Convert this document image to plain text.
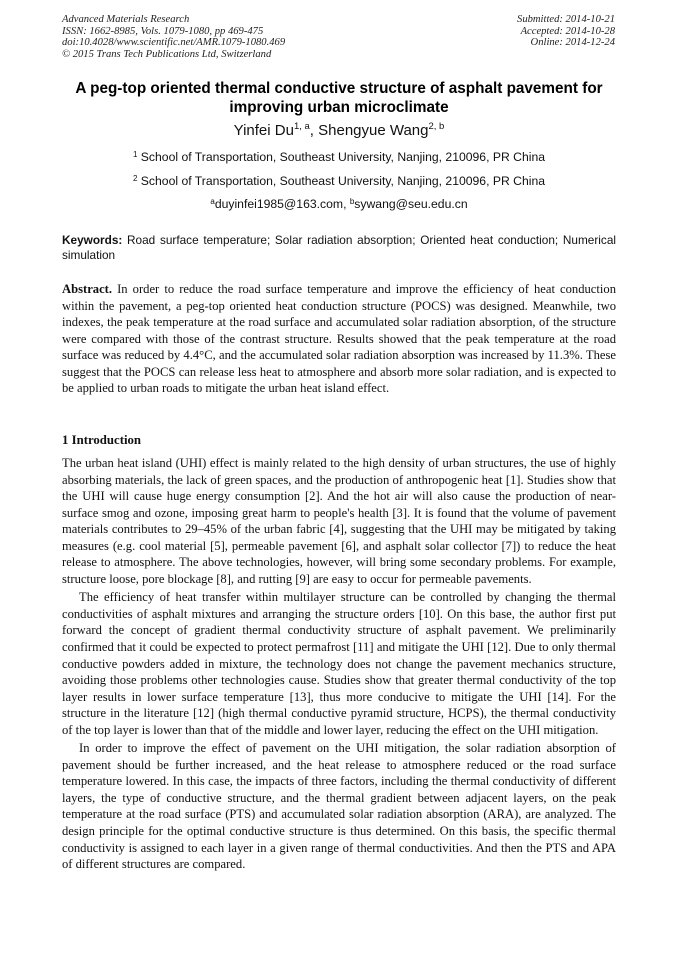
Advanced Materials Research
ISSN: 1662-8985, Vols. 1079-1080, pp 469-475
doi:10.4028/www.scientific.net/AMR.1079-1080.469
© 2015 Trans Tech Publications Ltd, Switzerland
Submitted: 2014-10-21
Accepted: 2014-10-28
Online: 2014-12-24
A peg-top oriented thermal conductive structure of asphalt pavement for improving urban microclimate
Yinfei Du$^{1, a}$, Shengyue Wang$^{2, b}$
$^1$ School of Transportation, Southeast University, Nanjing, 210096, PR China
$^2$ School of Transportation, Southeast University, Nanjing, 210096, PR China
$^a$duyinfei1985@163.com, $^b$sywang@seu.edu.cn
Keywords: Road surface temperature; Solar radiation absorption; Oriented heat conduction; Numerical simulation
Abstract. In order to reduce the road surface temperature and improve the efficiency of heat conduction within the pavement, a peg-top oriented heat conduction structure (POCS) was designed. Meanwhile, two indexes, the peak temperature at the road surface and accumulated solar radiation absorption, of the structure were compared with those of the contrast structure. Results showed that the peak temperature at the road surface was reduced by 4.4°C, and the accumulated solar radiation absorption was increased by 11.3%. These suggest that the POCS can release less heat to atmosphere and absorb more solar radiation, and is expected to be applied to urban roads to mitigate the urban heat island effect.
1 Introduction

The urban heat island (UHI) effect is mainly related to the high density of urban structures, the use of highly absorbing materials, the lack of green spaces, and the production of anthropogenic heat [1]. Studies show that the UHI will cause huge energy consumption [2]. And the hot air will also cause the production of near-surface smog and ozone, imposing great harm to people's health [3]. It is found that the volume of pavement materials contributes to 29–45% of the urban fabric [4], suggesting that the UHI may be mitigated by taking measures (e.g. cool material [5], permeable pavement [6], and asphalt solar collector [7]) to reduce the heat release to atmosphere. The above technologies, however, will bring some secondary problems. For example, structure loose, pore blockage [8], and rutting [9] are easy to occur for permeable pavements.

The efficiency of heat transfer within multilayer structure can be controlled by changing the thermal conductivities of asphalt mixtures and arranging the structure orders [10]. On this base, the author first put forward the concept of gradient thermal conductivity structure of asphalt pavement. We preliminarily confirmed that it could be expected to protect permafrost [11] and mitigate the UHI [12]. Due to only thermal conductive powders added in mixture, the technology does not change the pavement mechanics structure, avoiding those problems other technologies cause. Studies show that greater thermal conductivity of the top layer results in lower surface temperature [13], thus more conducive to mitigate the UHI [14]. For the structure in the literature [12] (high thermal conductive pyramid structure, HCPS), the thermal conductivity of the top layer is lower than that of the middle and lower layer, reducing the effect on the UHI mitigation.

In order to improve the effect of pavement on the UHI mitigation, the solar radiation absorption of pavement should be further increased, and the heat release to atmosphere reduced or the road surface temperature lowered. In this case, the impacts of three factors, including the thermal conductivity of different layers, the type of conductive structure, and the thermal gradient between adjacent layers, on the peak temperature at the road surface (PTS) and accumulated solar radiation absorption (ARA), are analyzed. The design principle for the optimal conductive structure is thus determined. On this basis, the specific thermal conductivity is assigned to each layer in a given range of thermal conductivities. And then the PTS and APA of different structures are compared.
